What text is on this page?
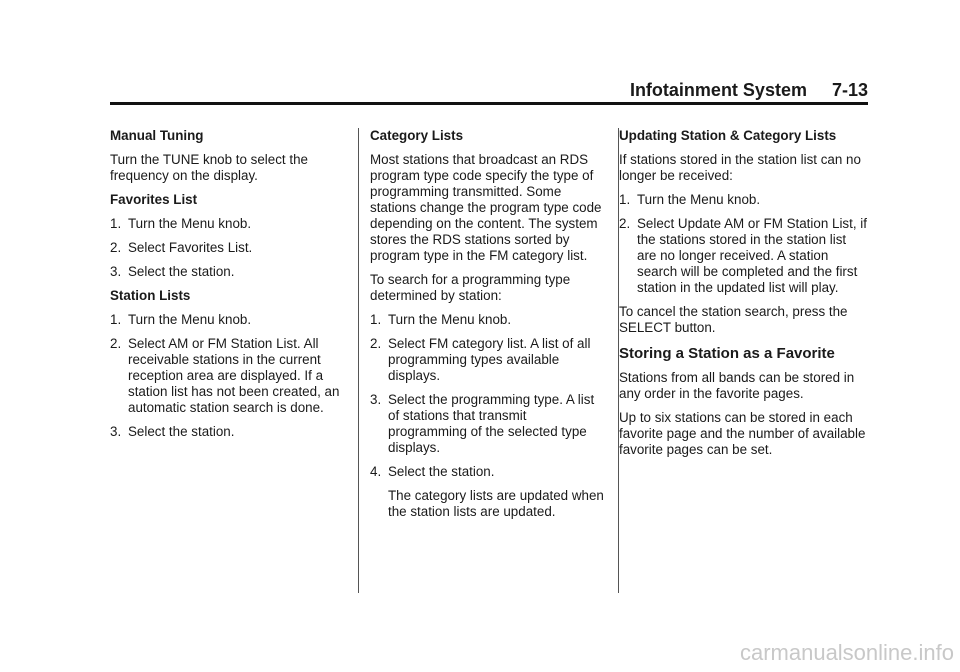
Infotainment System     7-13
Manual Tuning
Turn the TUNE knob to select the frequency on the display.
Favorites List
1. Turn the Menu knob.
2. Select Favorites List.
3. Select the station.
Station Lists
1. Turn the Menu knob.
2. Select AM or FM Station List. All receivable stations in the current reception area are displayed. If a station list has not been created, an automatic station search is done.
3. Select the station.
Category Lists
Most stations that broadcast an RDS program type code specify the type of programming transmitted. Some stations change the program type code depending on the content. The system stores the RDS stations sorted by program type in the FM category list.
To search for a programming type determined by station:
1. Turn the Menu knob.
2. Select FM category list. A list of all programming types available displays.
3. Select the programming type. A list of stations that transmit programming of the selected type displays.
4. Select the station.
The category lists are updated when the station lists are updated.
Updating Station & Category Lists
If stations stored in the station list can no longer be received:
1. Turn the Menu knob.
2. Select Update AM or FM Station List, if the stations stored in the station list are no longer received. A station search will be completed and the first station in the updated list will play.
To cancel the station search, press the SELECT button.
Storing a Station as a Favorite
Stations from all bands can be stored in any order in the favorite pages.
Up to six stations can be stored in each favorite page and the number of available favorite pages can be set.
carmanualsonline.info
